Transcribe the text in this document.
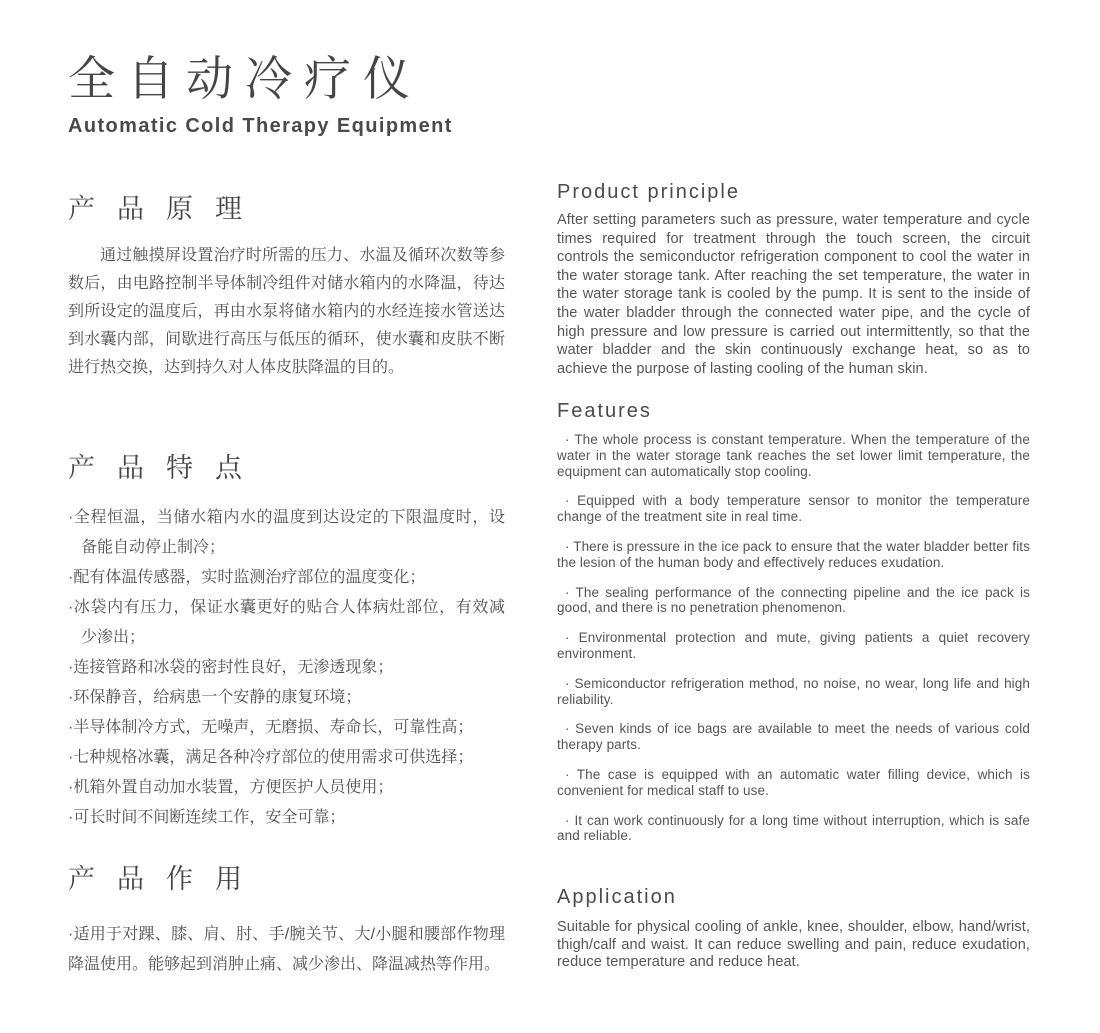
全自动冷疗仪
Automatic Cold Therapy Equipment
产品原理

通过触摸屏设置治疗时所需的压力、水温及循环次数等参数后，由电路控制半导体制冷组件对储水箱内的水降温，待达到所设定的温度后，再由水泵将储水箱内的水经连接水管送达到水囊内部，间歇进行高压与低压的循环，使水囊和皮肤不断进行热交换，达到持久对人体皮肤降温的目的。

产品特点
·全程恒温，当储水箱内水的温度到达设定的下限温度时，设备能自动停止制冷；
·配有体温传感器，实时监测治疗部位的温度变化；
·冰袋内有压力，保证水囊更好的贴合人体病灶部位，有效减少渗出；
·连接管路和冰袋的密封性良好，无渗透现象；
·环保静音，给病患一个安静的康复环境；
·半导体制冷方式，无噪声，无磨损、寿命长，可靠性高；
·七种规格冰囊，满足各种冷疗部位的使用需求可供选择；
·机箱外置自动加水装置，方便医护人员使用；
·可长时间不间断连续工作，安全可靠；
产品作用

·适用于对踝、膝、肩、肘、手/腕关节、大/小腿和腰部作物理降温使用。能够起到消肿止痛、减少渗出、降温减热等作用。

Product principle

After setting parameters such as pressure, water temperature and cycle times required for treatment through the touch screen, the circuit controls the semiconductor refrigeration component to cool the water in the water storage tank. After reaching the set temperature, the water in the water storage tank is cooled by the pump. It is sent to the inside of the water bladder through the connected water pipe, and the cycle of high pressure and low pressure is carried out intermittently, so that the water bladder and the skin continuously exchange heat, so as to achieve the purpose of lasting cooling of the human skin.

Features
· The whole process is constant temperature. When the temperature of the water in the water storage tank reaches the set lower limit temperature, the equipment can automatically stop cooling.
· Equipped with a body temperature sensor to monitor the temperature change of the treatment site in real time.
· There is pressure in the ice pack to ensure that the water bladder better fits the lesion of the human body and effectively reduces exudation.
· The sealing performance of the connecting pipeline and the ice pack is good, and there is no penetration phenomenon.
· Environmental protection and mute, giving patients a quiet recovery environment.
· Semiconductor refrigeration method, no noise, no wear, long life and high reliability.
· Seven kinds of ice bags are available to meet the needs of various cold therapy parts.
· The case is equipped with an automatic water filling device, which is convenient for medical staff to use.
· It can work continuously for a long time without interruption, which is safe and reliable.
Application

Suitable for physical cooling of ankle, knee, shoulder, elbow, hand/wrist, thigh/calf and waist. It can reduce swelling and pain, reduce exudation, reduce temperature and reduce heat.
